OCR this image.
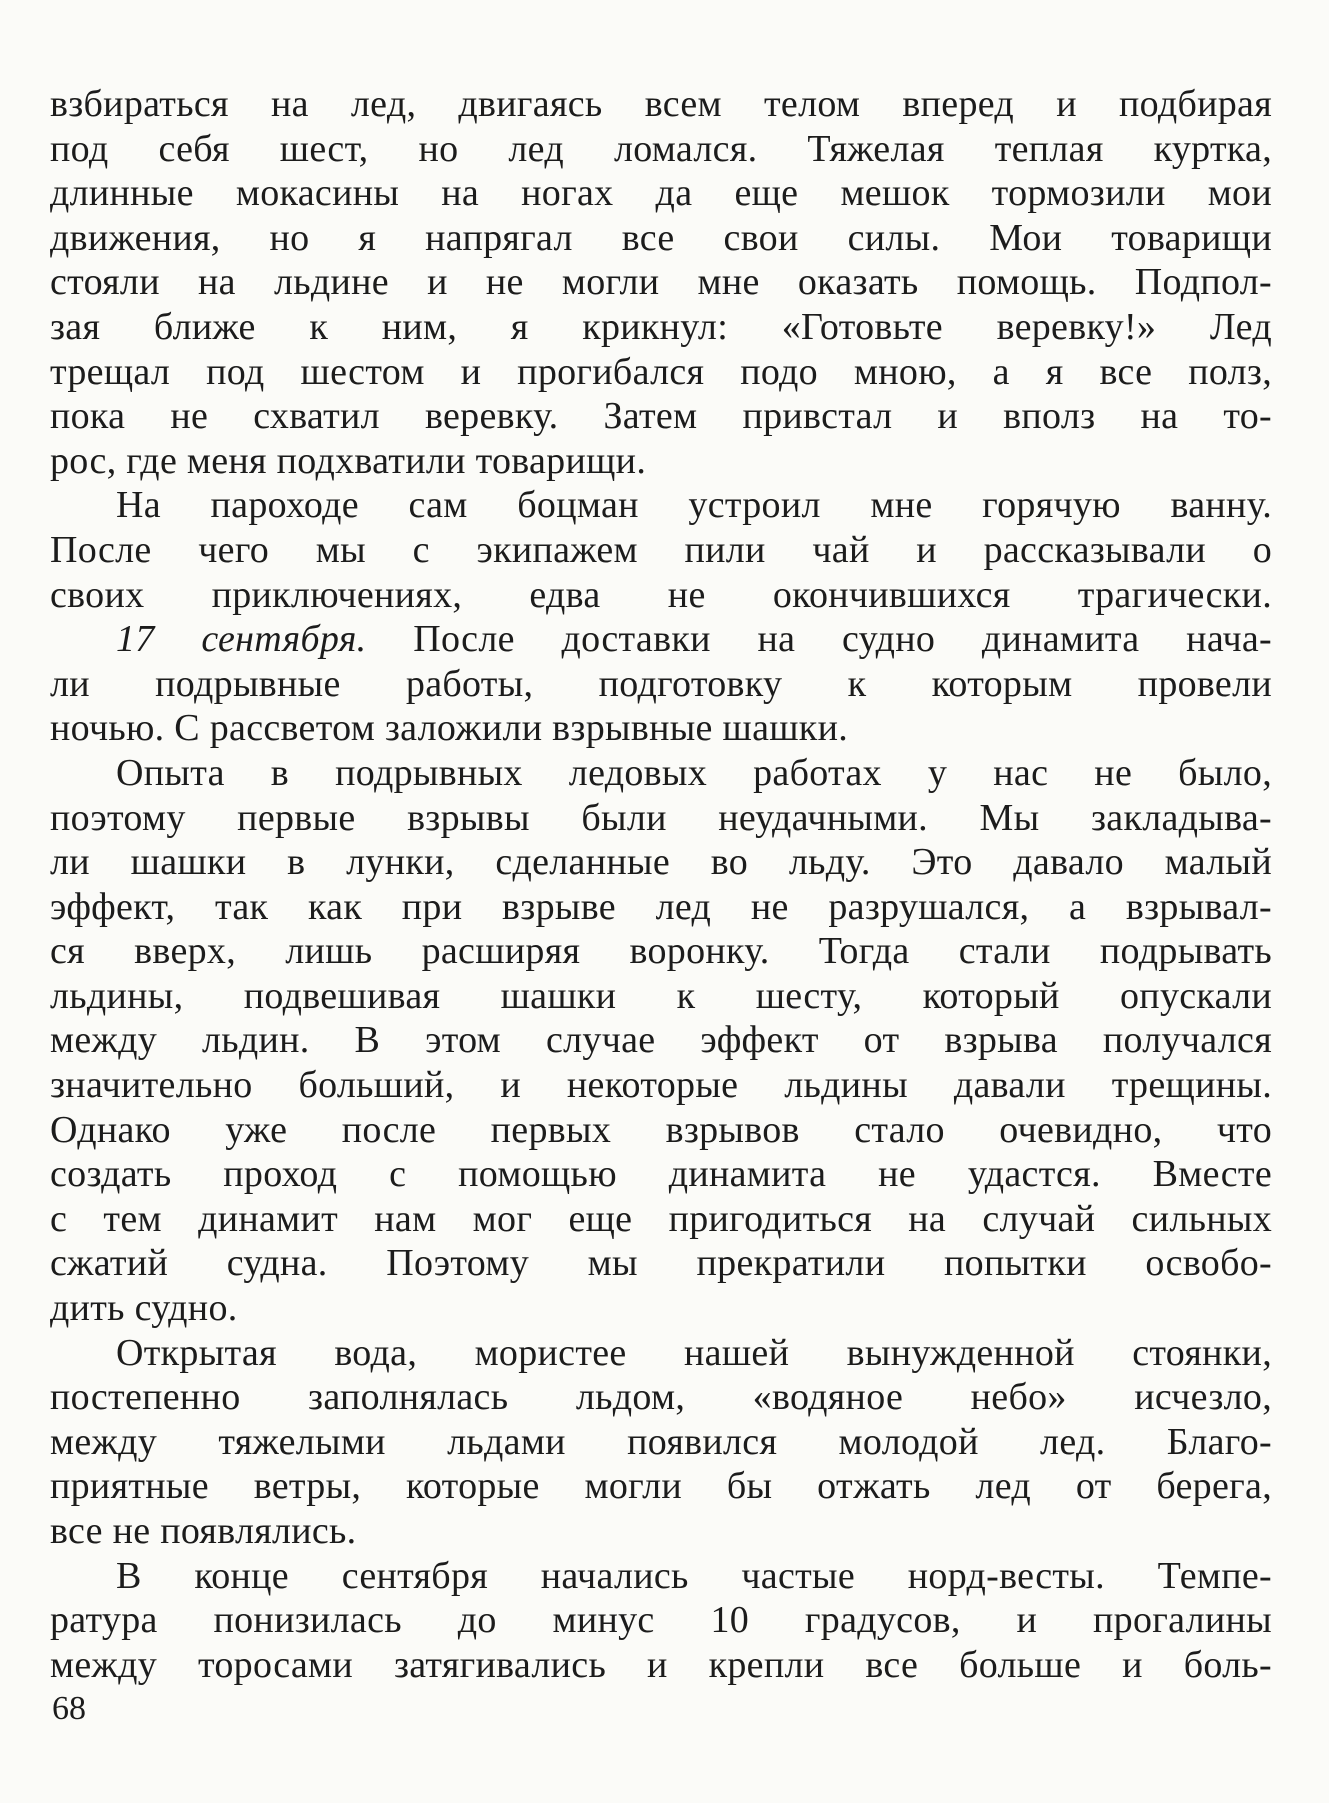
взбираться на лед, двигаясь всем телом вперед и подбирая
под себя шест, но лед ломался. Тяжелая теплая куртка,
длинные мокасины на ногах да еще мешок тормозили мои
движения, но я напрягал все свои силы. Мои товарищи
стояли на льдине и не могли мне оказать помощь. Подпол-
зая ближе к ним, я крикнул: «Готовьте веревку!» Лед
трещал под шестом и прогибался подо мною, а я все полз,
пока не схватил веревку. Затем привстал и вполз на то-
рос, где меня подхватили товарищи.

На пароходе сам боцман устроил мне горячую ванну.
После чего мы с экипажем пили чай и рассказывали о
своих приключениях, едва не окончившихся трагически.

17 сентября. После доставки на судно динамита нача-
ли подрывные работы, подготовку к которым провели
ночью. С рассветом заложили взрывные шашки.

Опыта в подрывных ледовых работах у нас не было,
поэтому первые взрывы были неудачными. Мы закладыва-
ли шашки в лунки, сделанные во льду. Это давало малый
эффект, так как при взрыве лед не разрушался, а взрывал-
ся вверх, лишь расширяя воронку. Тогда стали подрывать
льдины, подвешивая шашки к шесту, который опускали
между льдин. В этом случае эффект от взрыва получался
значительно больший, и некоторые льдины давали трещины.
Однако уже после первых взрывов стало очевидно, что
создать проход с помощью динамита не удастся. Вместе
с тем динамит нам мог еще пригодиться на случай сильных
сжатий судна. Поэтому мы прекратили попытки освобо-
дить судно.

Открытая вода, мористее нашей вынужденной стоянки,
постепенно заполнялась льдом, «водяное небо» исчезло,
между тяжелыми льдами появился молодой лед. Благо-
приятные ветры, которые могли бы отжать лед от берега,
все не появлялись.

В конце сентября начались частые норд-весты. Темпе-
ратура понизилась до минус 10 градусов, и прогалины
между торосами затягивались и крепли все больше и боль-

68
